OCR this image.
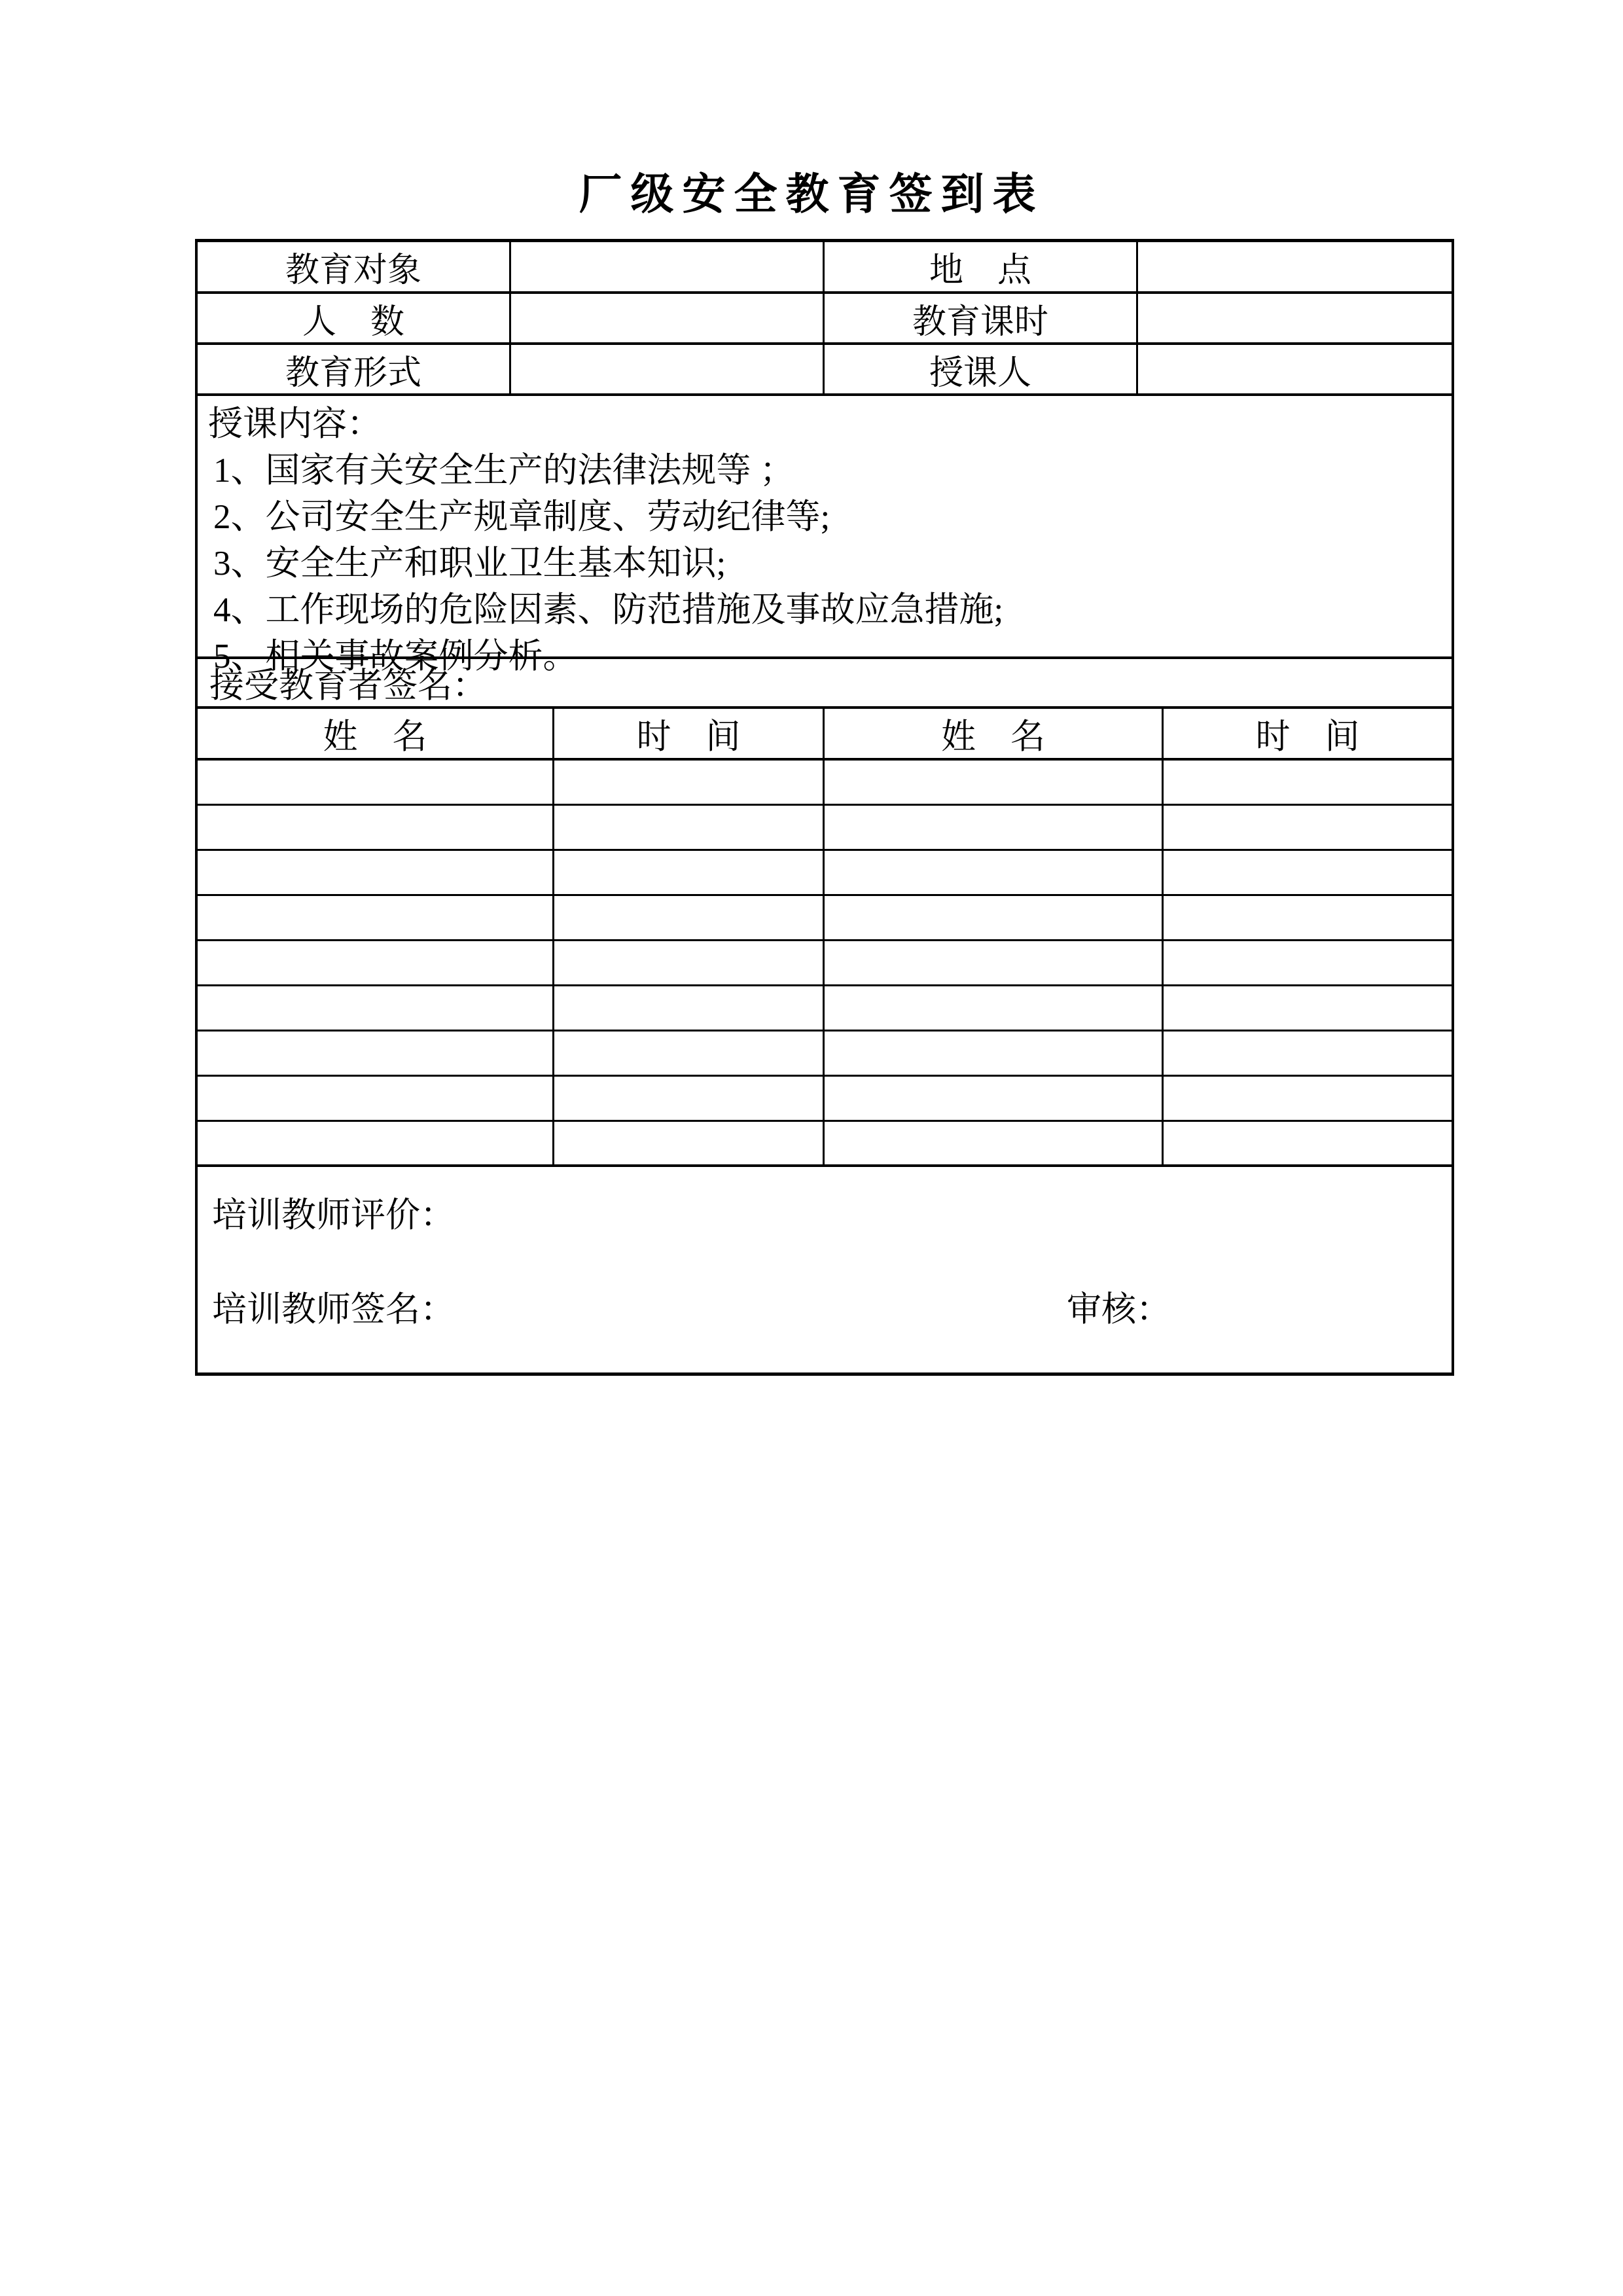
厂级安全教育签到表
教育对象	地　点
人　数	教育课时
教育形式	授课人
授课内容：
1、国家有关安全生产的法律法规等 ；
2、公司安全生产规章制度、劳动纪律等;
3、安全生产和职业卫生基本知识;
4、工作现场的危险因素、防范措施及事故应急措施;
5、相关事故案例分析。
接受教育者签名：
姓　名	时　间	姓　名	时　间
培训教师评价：
培训教师签名：	审核：
